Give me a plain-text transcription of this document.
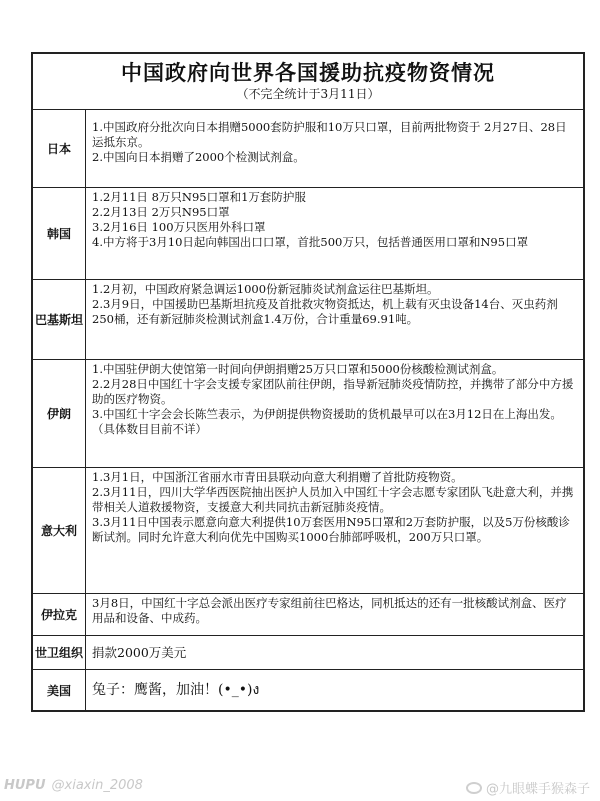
中国政府向世界各国援助抗疫物资情况
（不完全统计于3月11日）
日本

1.中国政府分批次向日本捐赠5000套防护服和10万只口罩，目前两批物资于 2月27日、28日运抵东京。

2.中国向日本捐赠了2000个检测试剂盒。

韩国

1.2月11日 8万只N95口罩和1万套防护服

2.2月13日 2万只N95口罩

3.2月16日 100万只医用外科口罩

4.中方将于3月10日起向韩国出口口罩，首批500万只，包括普通医用口罩和N95口罩

巴基斯坦

1.2月初，中国政府紧急调运1000份新冠肺炎试剂盒运往巴基斯坦。

2.3月9日，中国援助巴基斯坦抗疫及首批救灾物资抵达，机上载有灭虫设备14台、灭虫药剂250桶，还有新冠肺炎检测试剂盒1.4万份，合计重量69.91吨。

伊朗

1.中国驻伊朗大使馆第一时间向伊朗捐赠25万只口罩和5000份核酸检测试剂盒。

2.2月28日中国红十字会支援专家团队前往伊朗，指导新冠肺炎疫情防控，并携带了部分中方援助的医疗物资。

3.中国红十字会会长陈竺表示，为伊朗提供物资援助的货机最早可以在3月12日在上海出发。（具体数目目前不详）

意大利

1.3月1日，中国浙江省丽水市青田县联动向意大利捐赠了首批防疫物资。

2.3月11日，四川大学华西医院抽出医护人员加入中国红十字会志愿专家团队飞赴意大利，并携带相关人道救援物资，支援意大利共同抗击新冠肺炎疫情。

3.3月11日中国表示愿意向意大利提供10万套医用N95口罩和2万套防护服，以及5万份核酸诊断试剂。同时允许意大利向优先中国购买1000台肺部呼吸机，200万只口罩。

伊拉克

3月8日，中国红十字总会派出医疗专家组前往巴格达，同机抵达的还有一批核酸试剂盒、医疗用品和设备、中成药。

世卫组织 捐款2000万美元

美国	兔子：鹰酱，加油！(•_•)ง

HUPU @xiaxin_2008	@九眼蝶手猴森子
